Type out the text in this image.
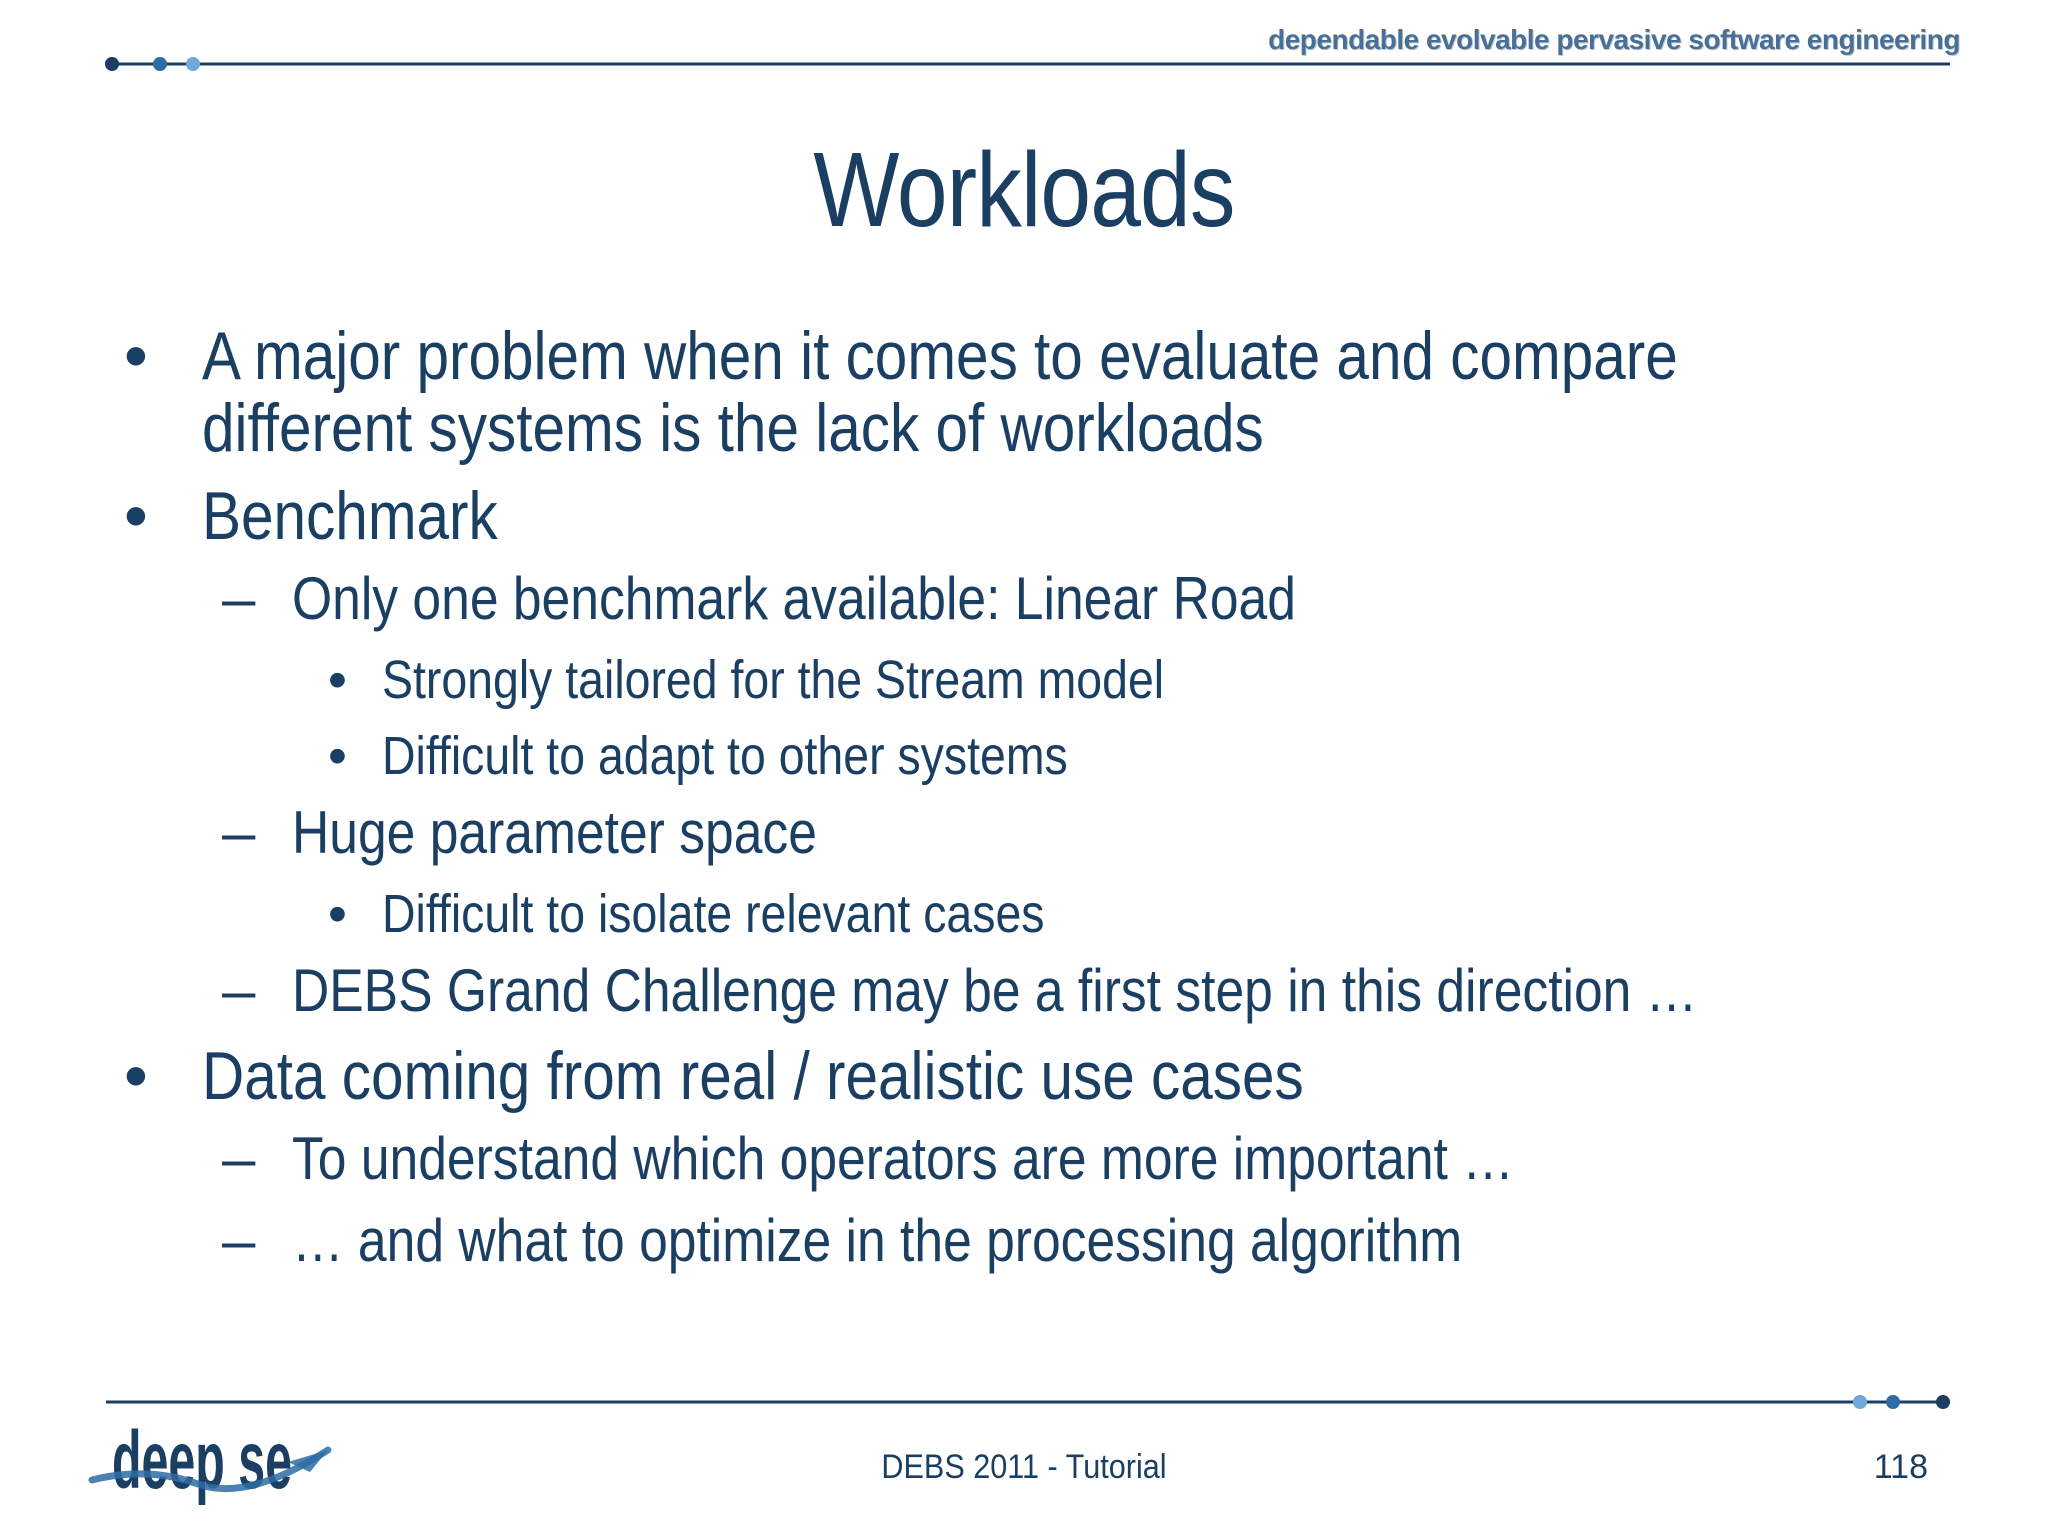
dependable evolvable pervasive software engineering
Workloads
• A major problem when it comes to evaluate and compare
different systems is the lack of workloads
• Benchmark
– Only one benchmark available: Linear Road
• Strongly tailored for the Stream model
• Difficult to adapt to other systems
– Huge parameter space
• Difficult to isolate relevant cases
– DEBS Grand Challenge may be a first step in this direction …
• Data coming from real / realistic use cases
– To understand which operators are more important …
– … and what to optimize in the processing algorithm
deep se	DEBS 2011 - Tutorial	118
